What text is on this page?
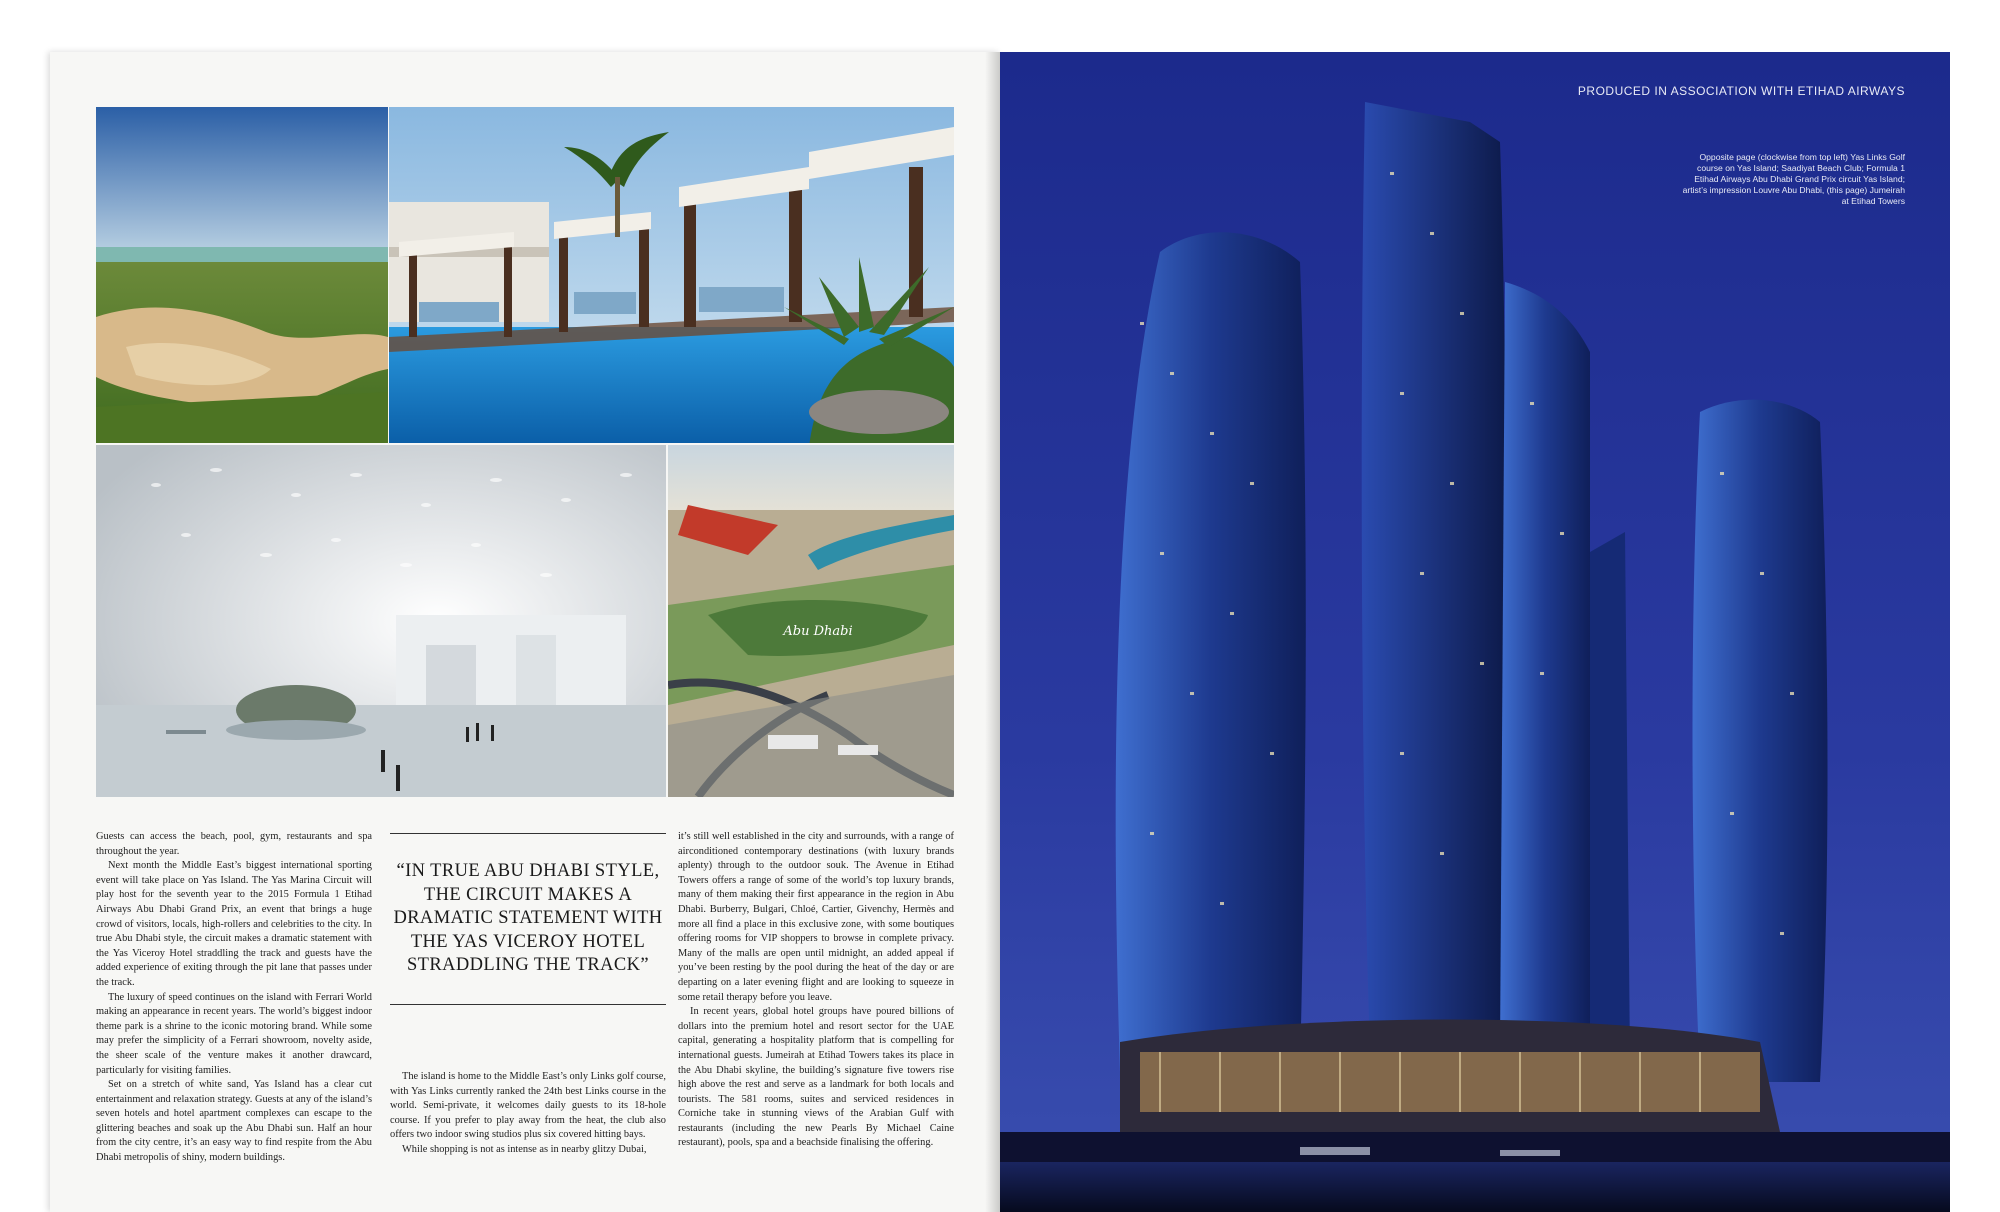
Abu Dhabi

Guests can access the beach, pool, gym, restaurants and spa throughout the year.

Next month the Middle East’s biggest international sporting event will take place on Yas Island. The Yas Marina Circuit will play host for the seventh year to the 2015 Formula 1 Etihad Airways Abu Dhabi Grand Prix, an event that brings a huge crowd of visitors, locals, high-rollers and celebrities to the city. In true Abu Dhabi style, the circuit makes a dramatic statement with the Yas Viceroy Hotel straddling the track and guests have the added experience of exiting through the pit lane that passes under the track.

The luxury of speed continues on the island with Ferrari World making an appearance in recent years. The world’s biggest indoor theme park is a shrine to the iconic motoring brand. While some may prefer the simplicity of a Ferrari showroom, novelty aside, the sheer scale of the venture makes it another drawcard, particularly for visiting families.

Set on a stretch of white sand, Yas Island has a clear cut entertainment and relaxation strategy. Guests at any of the island’s seven hotels and hotel apartment complexes can escape to the glittering beaches and soak up the Abu Dhabi sun. Half an hour from the city centre, it’s an easy way to find respite from the Abu Dhabi metropolis of shiny, modern buildings.

“IN TRUE ABU DHABI STYLE, THE CIRCUIT MAKES A DRAMATIC STATEMENT WITH THE YAS VICEROY HOTEL STRADDLING THE TRACK”

The island is home to the Middle East’s only Links golf course, with Yas Links currently ranked the 24th best Links course in the world. Semi-private, it welcomes daily guests to its 18-hole course. If you prefer to play away from the heat, the club also offers two indoor swing studios plus six covered hitting bays.

While shopping is not as intense as in nearby glitzy Dubai,

it’s still well established in the city and surrounds, with a range of airconditioned contemporary destinations (with luxury brands aplenty) through to the outdoor souk. The Avenue in Etihad Towers offers a range of some of the world’s top luxury brands, many of them making their first appearance in the region in Abu Dhabi. Burberry, Bulgari, Chloé, Cartier, Givenchy, Hermès and more all find a place in this exclusive zone, with some boutiques offering rooms for VIP shoppers to browse in complete privacy. Many of the malls are open until midnight, an added appeal if you’ve been resting by the pool during the heat of the day or are departing on a later evening flight and are looking to squeeze in some retail therapy before you leave.

In recent years, global hotel groups have poured billions of dollars into the premium hotel and resort sector for the UAE capital, generating a hospitality platform that is compelling for international guests. Jumeirah at Etihad Towers takes its place in the Abu Dhabi skyline, the building’s signature five towers rise high above the rest and serve as a landmark for both locals and tourists. The 581 rooms, suites and serviced residences in Corniche take in stunning views of the Arabian Gulf with restaurants (including the new Pearls By Michael Caine restaurant), pools, spa and a beachside finalising the offering.

PRODUCED IN ASSOCIATION WITH ETIHAD AIRWAYS
Opposite page (clockwise from top left) Yas Links Golf course on Yas Island; Saadiyat Beach Club; Formula 1 Etihad Airways Abu Dhabi Grand Prix circuit Yas Island; artist’s impression Louvre Abu Dhabi, (this page) Jumeirah at Etihad Towers
